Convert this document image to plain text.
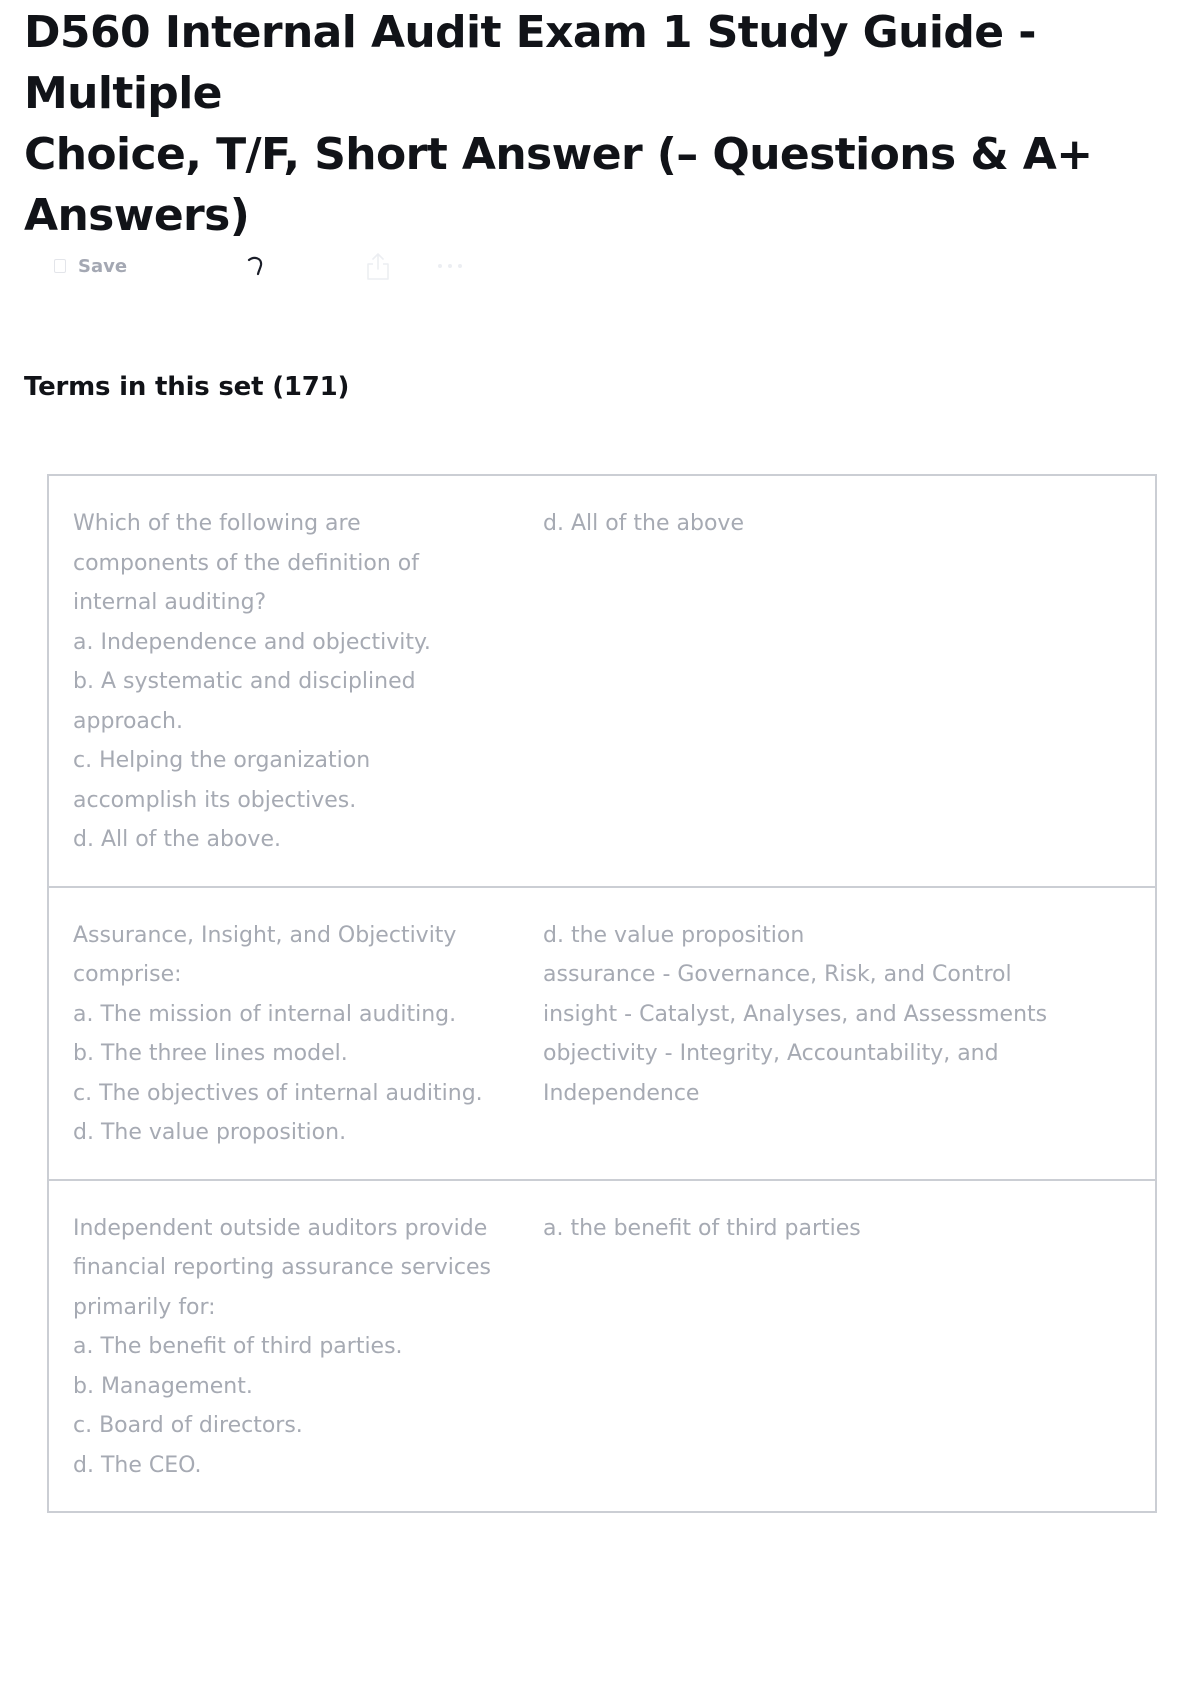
D560 Internal Audit Exam 1 Study Guide - Multiple
Choice, T/F, Short Answer (– Questions & A+
Answers)
Save
Terms in this set (171)
Which of the following are
components of the definition of
internal auditing?
a. Independence and objectivity.
b. A systematic and disciplined
approach.
c. Helping the organization
accomplish its objectives.
d. All of the above.
d. All of the above
Assurance, Insight, and Objectivity
comprise:
a. The mission of internal auditing.
b. The three lines model.
c. The objectives of internal auditing.
d. The value proposition.
d. the value proposition
assurance - Governance, Risk, and Control
insight - Catalyst, Analyses, and Assessments
objectivity - Integrity, Accountability, and
Independence
Independent outside auditors provide
financial reporting assurance services
primarily for:
a. The benefit of third parties.
b. Management.
c. Board of directors.
d. The CEO.
a. the benefit of third parties
